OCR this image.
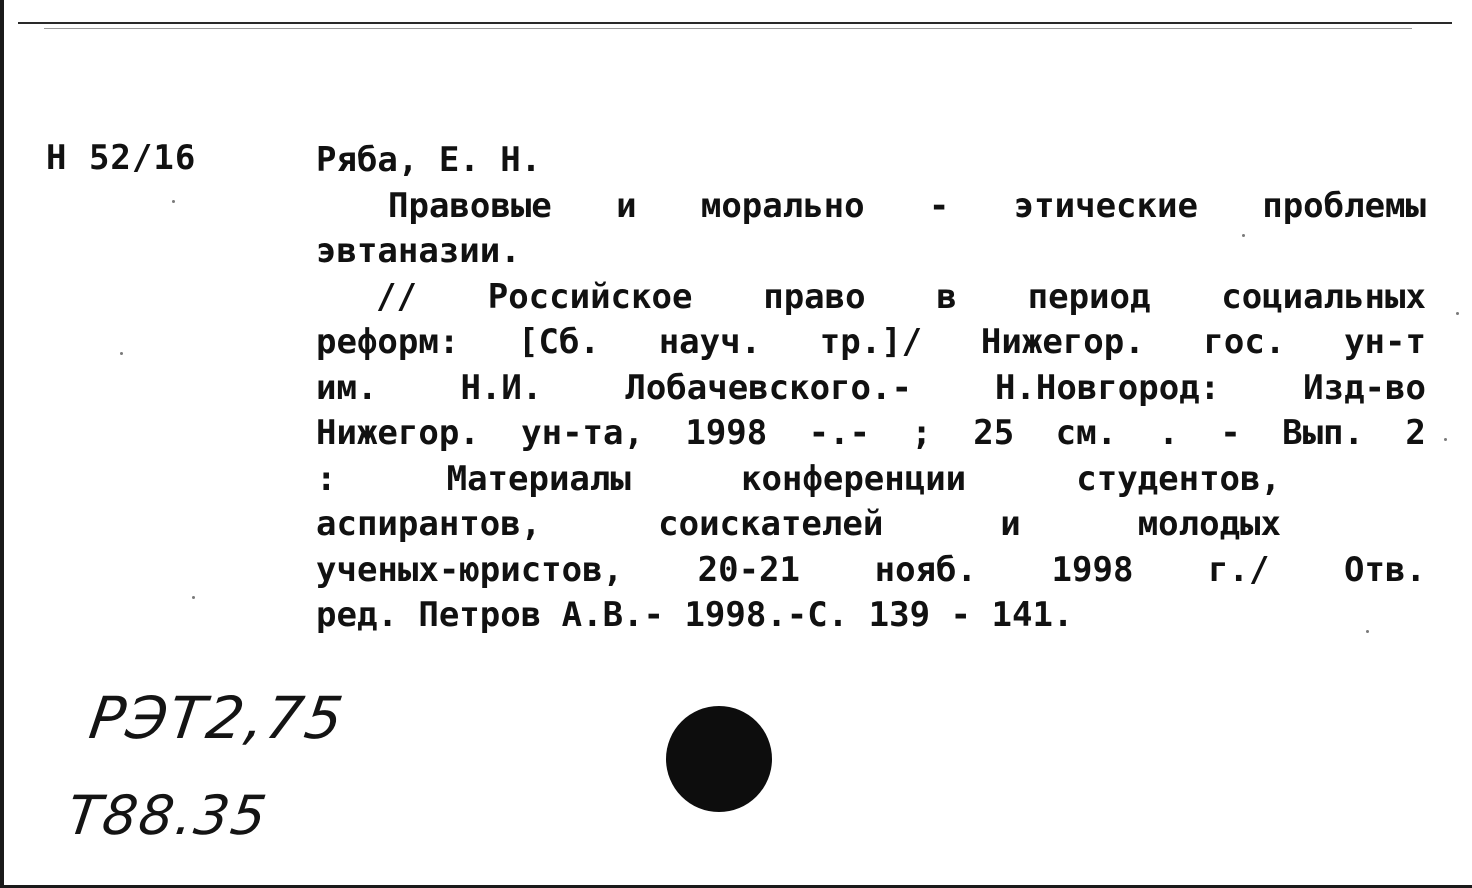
Н 52/16	Ряба, Е. Н.
Правовые и морально - этические проблемы
эвтаназии.
// Российское право в период социальных
реформ: [Сб. науч. тр.]/ Нижегор. гос. ун-т
им. Н.И. Лобачевского.- Н.Новгород: Изд-во
Нижегор. ун-та, 1998 -.- ; 25 см. . - Вып. 2
:	Материалы	конференции	студентов,
аспирантов,	соискателей	и	молодых
ученых-юристов, 20-21 нояб. 1998 г./ Отв.
ред. Петров А.В.- 1998.-С. 139 - 141.
РЭТ2,75
Т88.35
